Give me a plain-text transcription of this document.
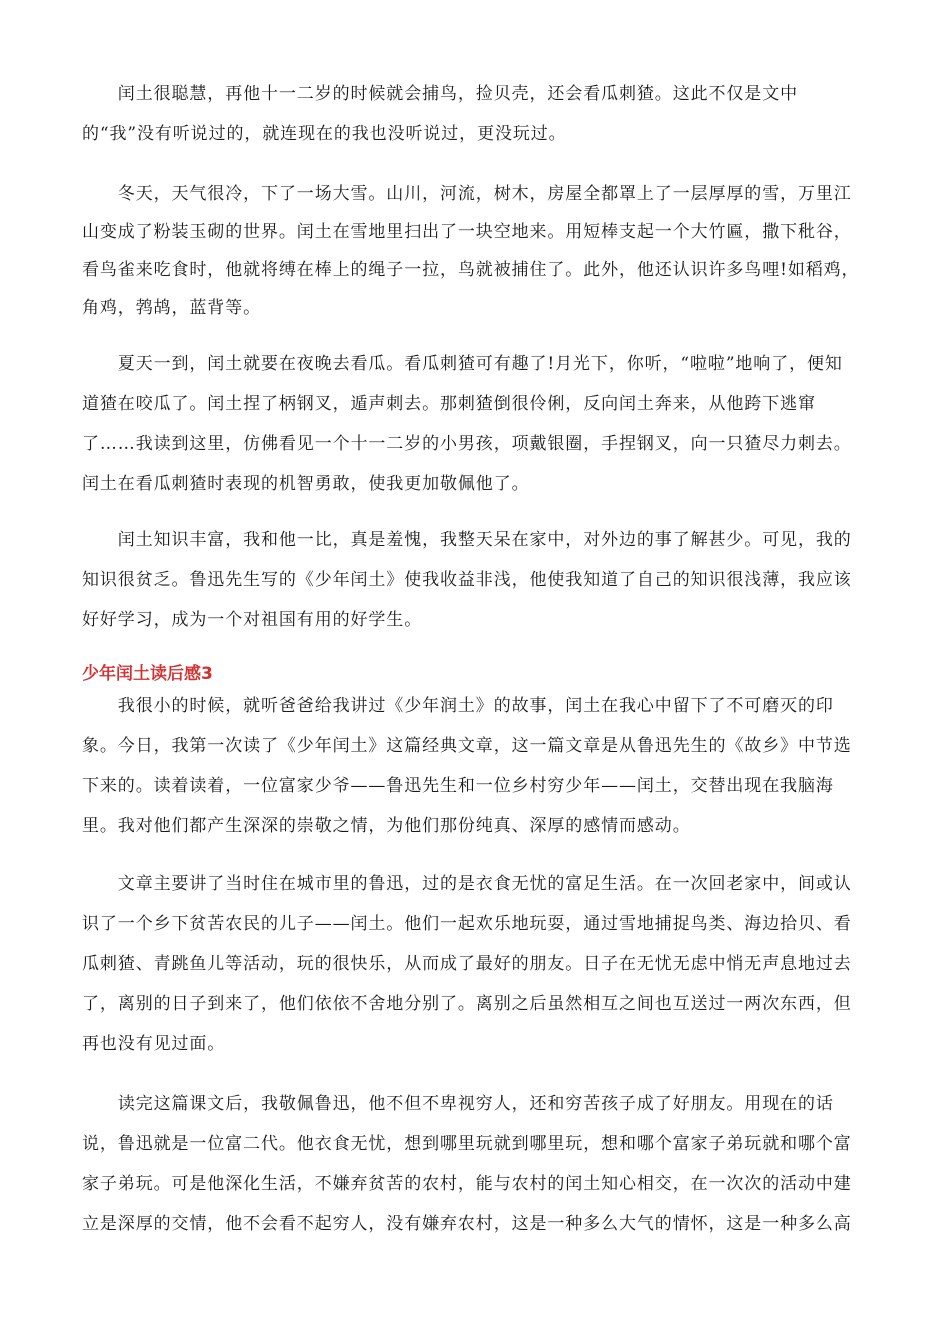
　　闰土很聪慧，再他十一二岁的时候就会捕鸟，捡贝壳，还会看瓜刺猹。这此不仅是文中
的“我”没有听说过的，就连现在的我也没听说过，更没玩过。
　　冬天，天气很冷，下了一场大雪。山川，河流，树木，房屋全都罩上了一层厚厚的雪，万里江
山变成了粉装玉砌的世界。闰土在雪地里扫出了一块空地来。用短棒支起一个大竹匾，撒下秕谷，
看鸟雀来吃食时，他就将缚在棒上的绳子一拉，鸟就被捕住了。此外，他还认识许多鸟哩!如稻鸡，
角鸡，鹁鸪，蓝背等。
　　夏天一到，闰土就要在夜晚去看瓜。看瓜刺猹可有趣了!月光下，你听，“啦啦”地响了，便知
道猹在咬瓜了。闰土捏了柄钢叉，遁声刺去。那刺猹倒很伶俐，反向闰土奔来，从他跨下逃窜
了……我读到这里，仿佛看见一个十一二岁的小男孩，项戴银圈，手捏钢叉，向一只猹尽力刺去。
闰土在看瓜刺猹时表现的机智勇敢，使我更加敬佩他了。
　　闰土知识丰富，我和他一比，真是羞愧，我整天呆在家中，对外边的事了解甚少。可见，我的
知识很贫乏。鲁迅先生写的《少年闰土》使我收益非浅，他使我知道了自己的知识很浅薄，我应该
好好学习，成为一个对祖国有用的好学生。
少年闰土读后感3
　　我很小的时候，就听爸爸给我讲过《少年润土》的故事，闰土在我心中留下了不可磨灭的印
象。今日，我第一次读了《少年闰土》这篇经典文章，这一篇文章是从鲁迅先生的《故乡》中节选
下来的。读着读着，一位富家少爷——鲁迅先生和一位乡村穷少年——闰土，交替出现在我脑海
里。我对他们都产生深深的崇敬之情，为他们那份纯真、深厚的感情而感动。
　　文章主要讲了当时住在城市里的鲁迅，过的是衣食无忧的富足生活。在一次回老家中，间或认
识了一个乡下贫苦农民的儿子——闰土。他们一起欢乐地玩耍，通过雪地捕捉鸟类、海边拾贝、看
瓜刺猹、青跳鱼儿等活动，玩的很快乐，从而成了最好的朋友。日子在无忧无虑中悄无声息地过去
了，离别的日子到来了，他们依依不舍地分别了。离别之后虽然相互之间也互送过一两次东西，但
再也没有见过面。
　　读完这篇课文后，我敬佩鲁迅，他不但不卑视穷人，还和穷苦孩子成了好朋友。用现在的话
说，鲁迅就是一位富二代。他衣食无忧，想到哪里玩就到哪里玩，想和哪个富家子弟玩就和哪个富
家子弟玩。可是他深化生活，不嫌弃贫苦的农村，能与农村的闰土知心相交，在一次次的活动中建
立是深厚的交情，他不会看不起穷人，没有嫌弃农村，这是一种多么大气的情怀，这是一种多么高
